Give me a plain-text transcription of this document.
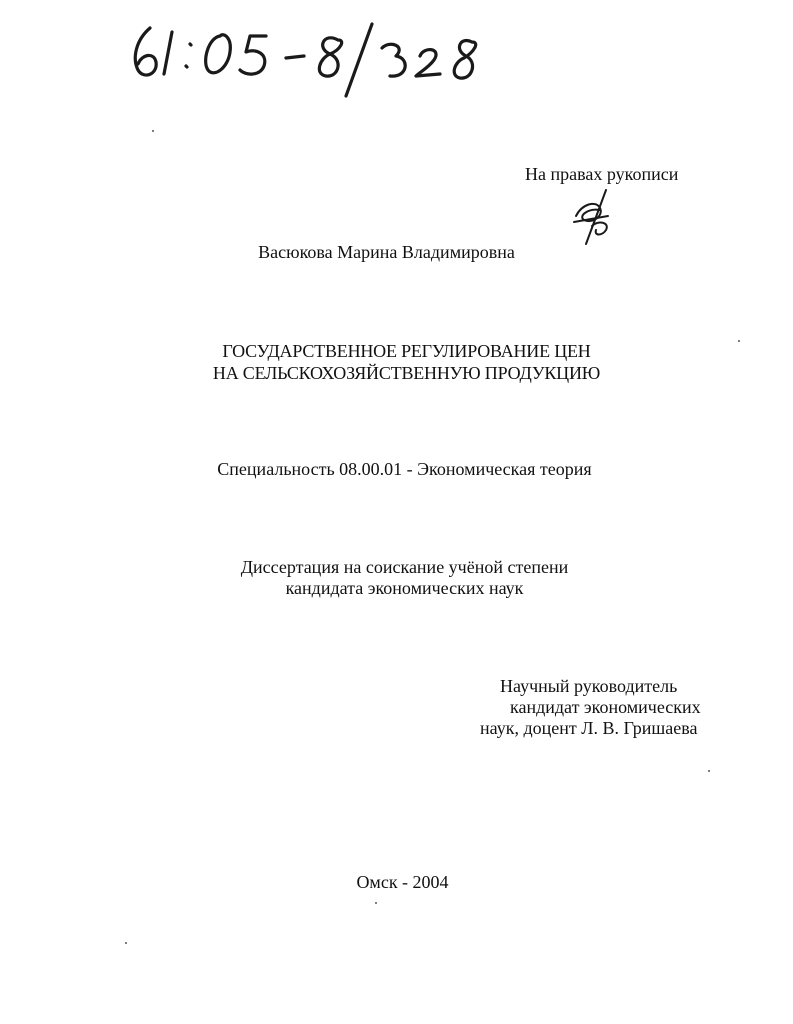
На правах рукописи
Васюкова Марина Владимировна
ГОСУДАРСТВЕННОЕ РЕГУЛИРОВАНИЕ ЦЕН
НА СЕЛЬСКОХОЗЯЙСТВЕННУЮ ПРОДУКЦИЮ
Специальность 08.00.01 - Экономическая теория
Диссертация на соискание учёной степени
кандидата экономических наук
Научный руководитель
кандидат экономических
наук, доцент Л. В. Гришаева
Омск - 2004
